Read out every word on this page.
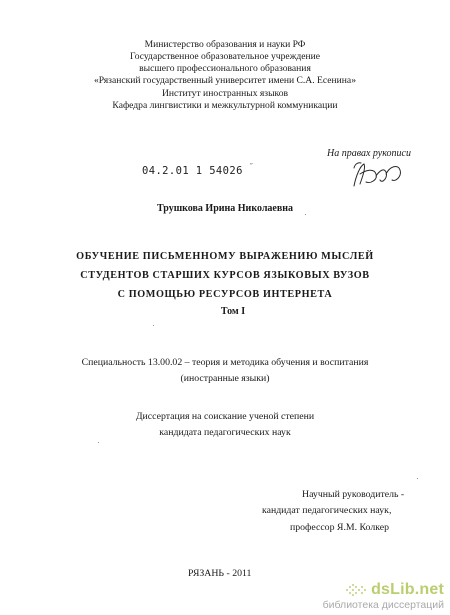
Министерство образования и науки РФ
Государственное образовательное учреждение
высшего профессионального образования
«Рязанский государственный университет имени С.А. Есенина»
Институт иностранных языков
Кафедра лингвистики и межкультурной коммуникации
На правах рукописи
04.2.01 1 54026 ˝
Трушкова Ирина Николаевна
ОБУЧЕНИЕ ПИСЬМЕННОМУ ВЫРАЖЕНИЮ МЫСЛЕЙ
СТУДЕНТОВ СТАРШИХ КУРСОВ ЯЗЫКОВЫХ ВУЗОВ
С ПОМОЩЬЮ РЕСУРСОВ ИНТЕРНЕТА
Том I
Специальность 13.00.02 – теория и методика обучения и воспитания
(иностранные языки)
Диссертация на соискание ученой степени
кандидата педагогических наук
Научный руководитель -
кандидат педагогических наук,
профессор Я.М. Колкер
РЯЗАНЬ - 2011
dsLib.net
библиотека диссертаций
